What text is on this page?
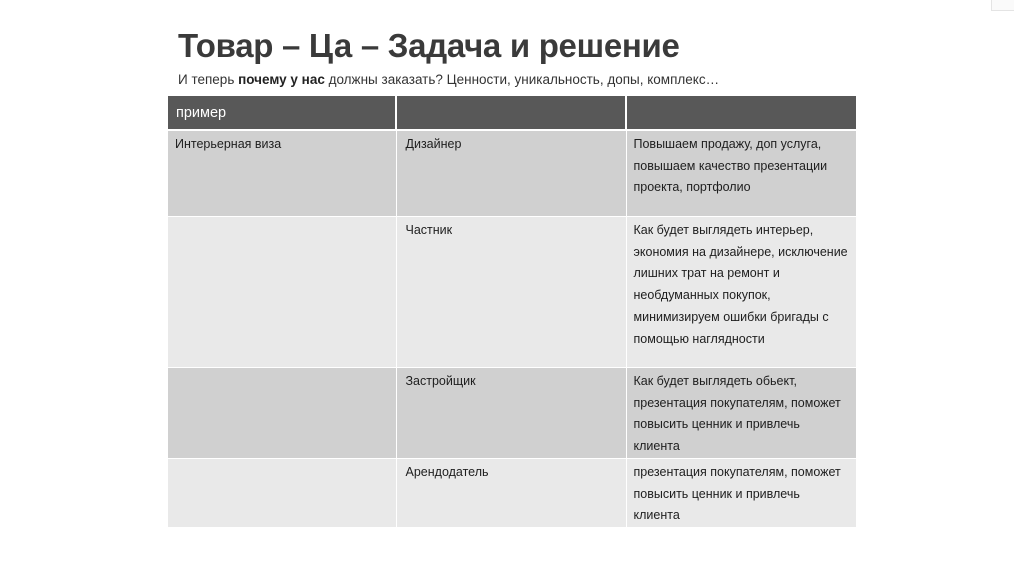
Товар – Ца – Задача и решение

И теперь почему у нас должны заказать? Ценности, уникальность, допы, комплекс…

пример		
Интерьерная виза	Дизайнер	Повышаем продажу, доп услуга, повышаем качество презентации проекта, портфолио
	Частник	Как будет выглядеть интерьер, экономия на дизайнере, исключение лишних трат на ремонт и необдуманных покупок, минимизируем ошибки бригады с помощью наглядности
	Застройщик	Как будет выглядеть обьект, презентация покупателям, поможет повысить ценник и привлечь клиента
	Арендодатель	презентация покупателям, поможет повысить ценник и привлечь клиента
